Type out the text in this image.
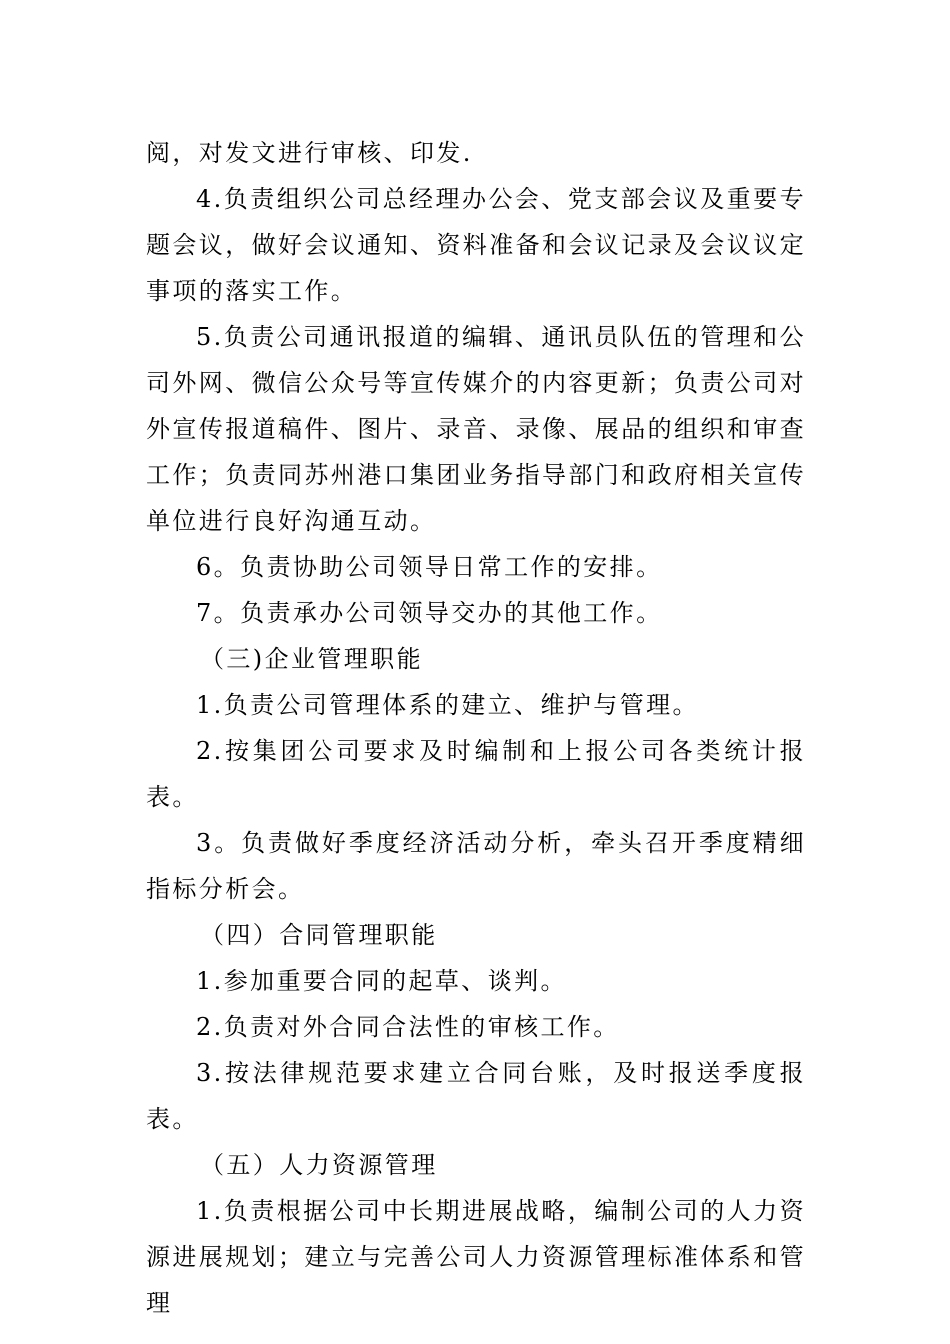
阅，对发文进行审核、印发.

4.负责组织公司总经理办公会、党支部会议及重要专题会议，做好会议通知、资料准备和会议记录及会议议定事项的落实工作。

5.负责公司通讯报道的编辑、通讯员队伍的管理和公司外网、微信公众号等宣传媒介的内容更新；负责公司对外宣传报道稿件、图片、录音、录像、展品的组织和审查工作；负责同苏州港口集团业务指导部门和政府相关宣传单位进行良好沟通互动。

6。负责协助公司领导日常工作的安排。

7。负责承办公司领导交办的其他工作。

（三)企业管理职能

1.负责公司管理体系的建立、维护与管理。

2.按集团公司要求及时编制和上报公司各类统计报表。

3。负责做好季度经济活动分析，牵头召开季度精细指标分析会。

（四）合同管理职能

1.参加重要合同的起草、谈判。

2.负责对外合同合法性的审核工作。

3.按法律规范要求建立合同台账，及时报送季度报表。

（五）人力资源管理

1.负责根据公司中长期进展战略，编制公司的人力资源进展规划；建立与完善公司人力资源管理标准体系和管理
